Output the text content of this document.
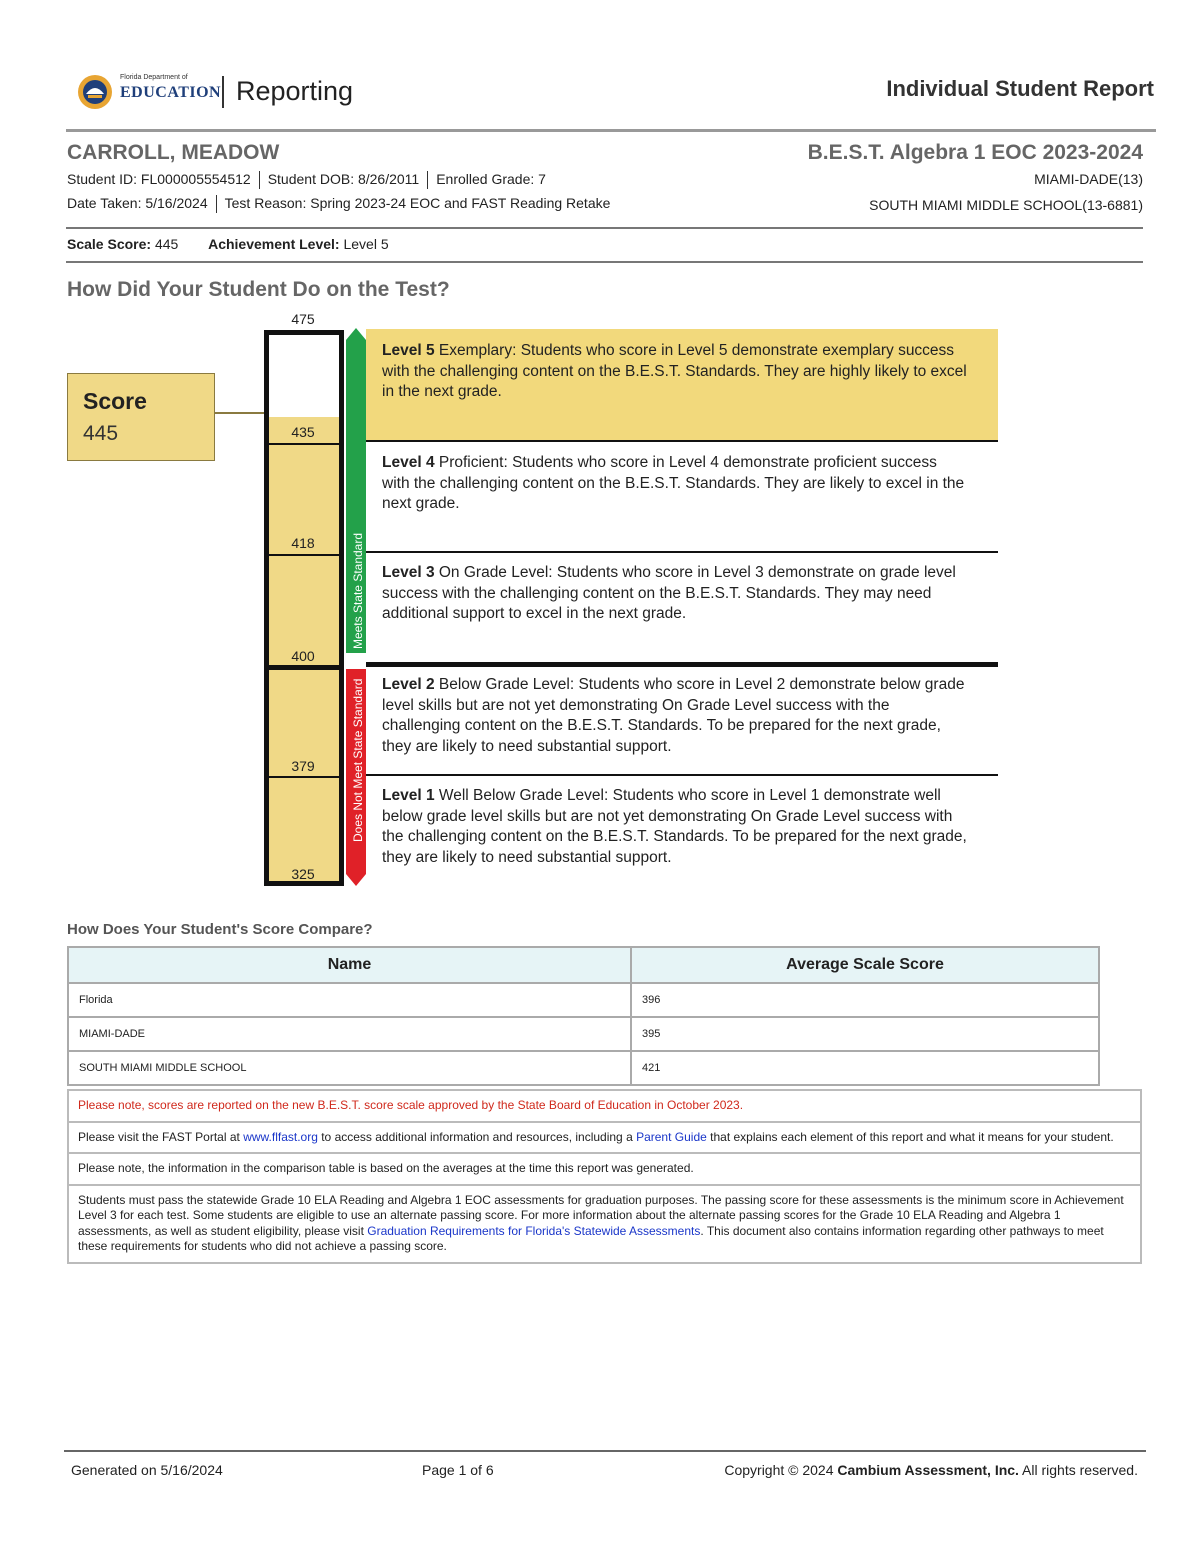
Florida Department of
EDUCATION Reporting	Individual Student Report
CARROLL, MEADOW	B.E.S.T. Algebra 1 EOC 2023-2024
Student ID: FL000005554512 Student DOB: 8/26/2011 Enrolled Grade: 7
Date Taken: 5/16/2024 Test Reason: Spring 2023-24 EOC and FAST Reading Retake
MIAMI-DADE(13)
SOUTH MIAMI MIDDLE SCHOOL(13-6881)
Scale Score: 445 Achievement Level: Level 5
How Did Your Student Do on the Test?
Score
445
475
435
418
400
379
325
Meets State Standard
Does Not Meet State Standard
Level 5 Exemplary: Students who score in Level 5 demonstrate exemplary success with the challenging content on the B.E.S.T. Standards. They are highly likely to excel in the next grade.
Level 4 Proficient: Students who score in Level 4 demonstrate proficient success with the challenging content on the B.E.S.T. Standards. They are likely to excel in the next grade.
Level 3 On Grade Level: Students who score in Level 3 demonstrate on grade level success with the challenging content on the B.E.S.T. Standards. They may need additional support to excel in the next grade.
Level 2 Below Grade Level: Students who score in Level 2 demonstrate below grade level skills but are not yet demonstrating On Grade Level success with the challenging content on the B.E.S.T. Standards. To be prepared for the next grade, they are likely to need substantial support.
Level 1 Well Below Grade Level: Students who score in Level 1 demonstrate well below grade level skills but are not yet demonstrating On Grade Level success with the challenging content on the B.E.S.T. Standards. To be prepared for the next grade, they are likely to need substantial support.
How Does Your Student's Score Compare?
Name	Average Scale Score
Florida	396
MIAMI-DADE	395
SOUTH MIAMI MIDDLE SCHOOL	421
Please note, scores are reported on the new B.E.S.T. score scale approved by the State Board of Education in October 2023.
Please visit the FAST Portal at www.flfast.org to access additional information and resources, including a Parent Guide that explains each element of this report and what it means for your student.
Please note, the information in the comparison table is based on the averages at the time this report was generated.
Students must pass the statewide Grade 10 ELA Reading and Algebra 1 EOC assessments for graduation purposes. The passing score for these assessments is the minimum score in Achievement Level 3 for each test. Some students are eligible to use an alternate passing score. For more information about the alternate passing scores for the Grade 10 ELA Reading and Algebra 1 assessments, as well as student eligibility, please visit Graduation Requirements for Florida's Statewide Assessments. This document also contains information regarding other pathways to meet these requirements for students who did not achieve a passing score.
Generated on 5/16/2024	Page 1 of 6	Copyright © 2024 Cambium Assessment, Inc. All rights reserved.
